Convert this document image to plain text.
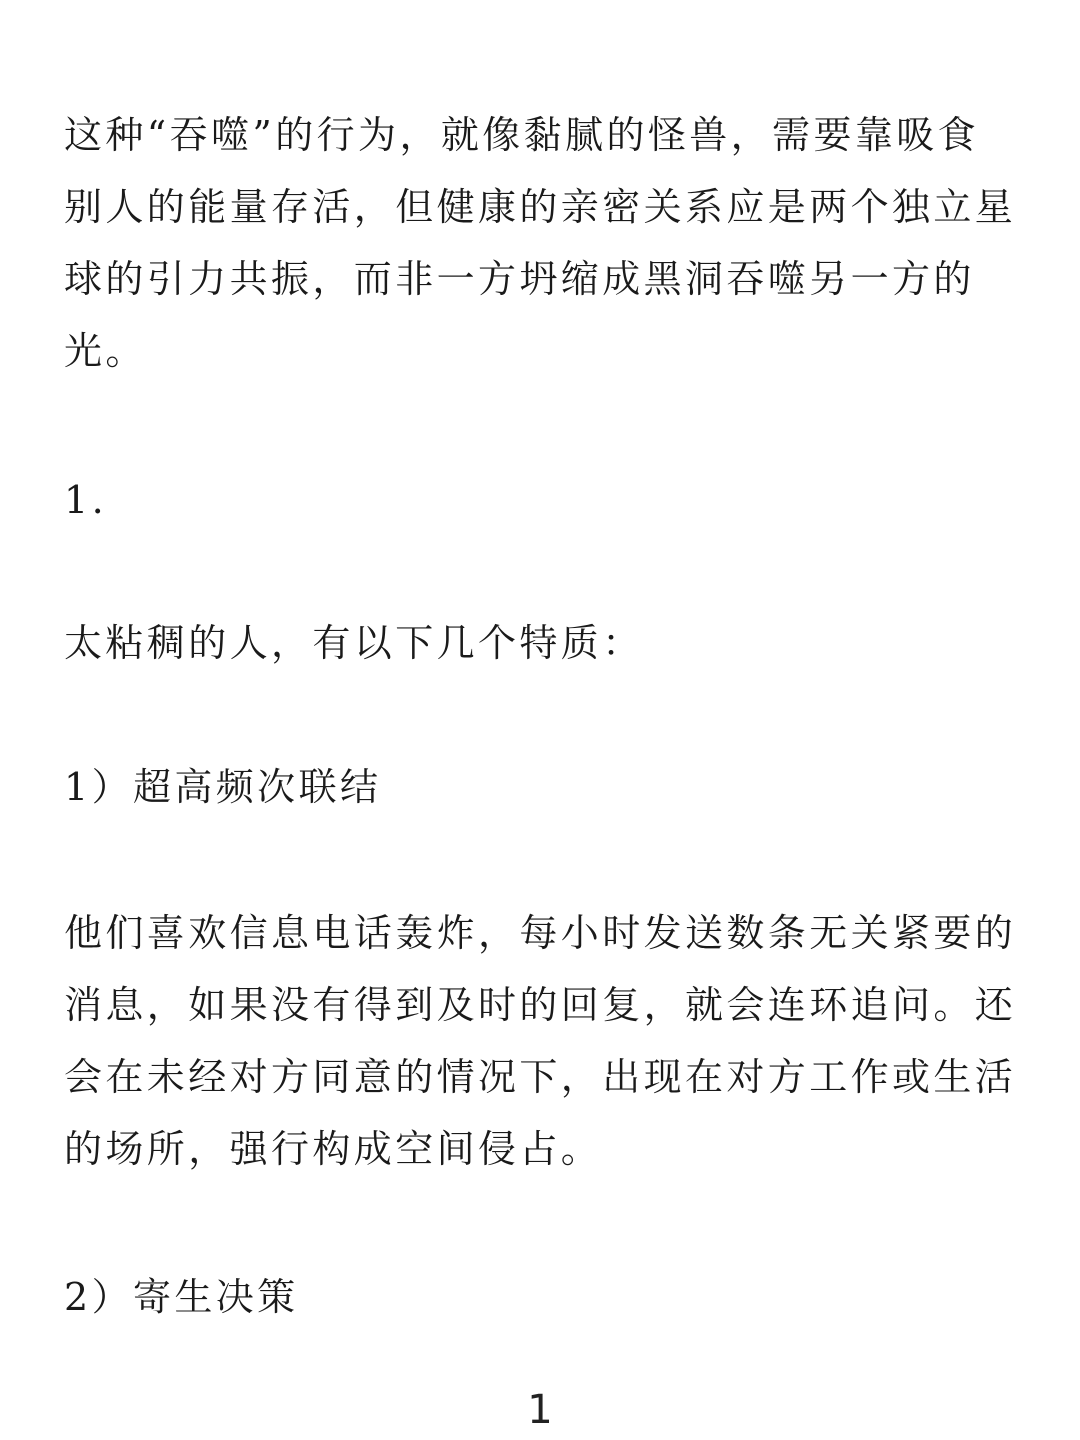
这种“吞噬”的行为，就像黏腻的怪兽，需要靠吸食
别人的能量存活，但健康的亲密关系应是两个独立星
球的引力共振，而非一方坍缩成黑洞吞噬另一方的
光。

1.

太粘稠的人，有以下几个特质：

1）超高频次联结

他们喜欢信息电话轰炸，每小时发送数条无关紧要的
消息，如果没有得到及时的回复，就会连环追问。还
会在未经对方同意的情况下，出现在对方工作或生活
的场所，强行构成空间侵占。

2）寄生决策

1
